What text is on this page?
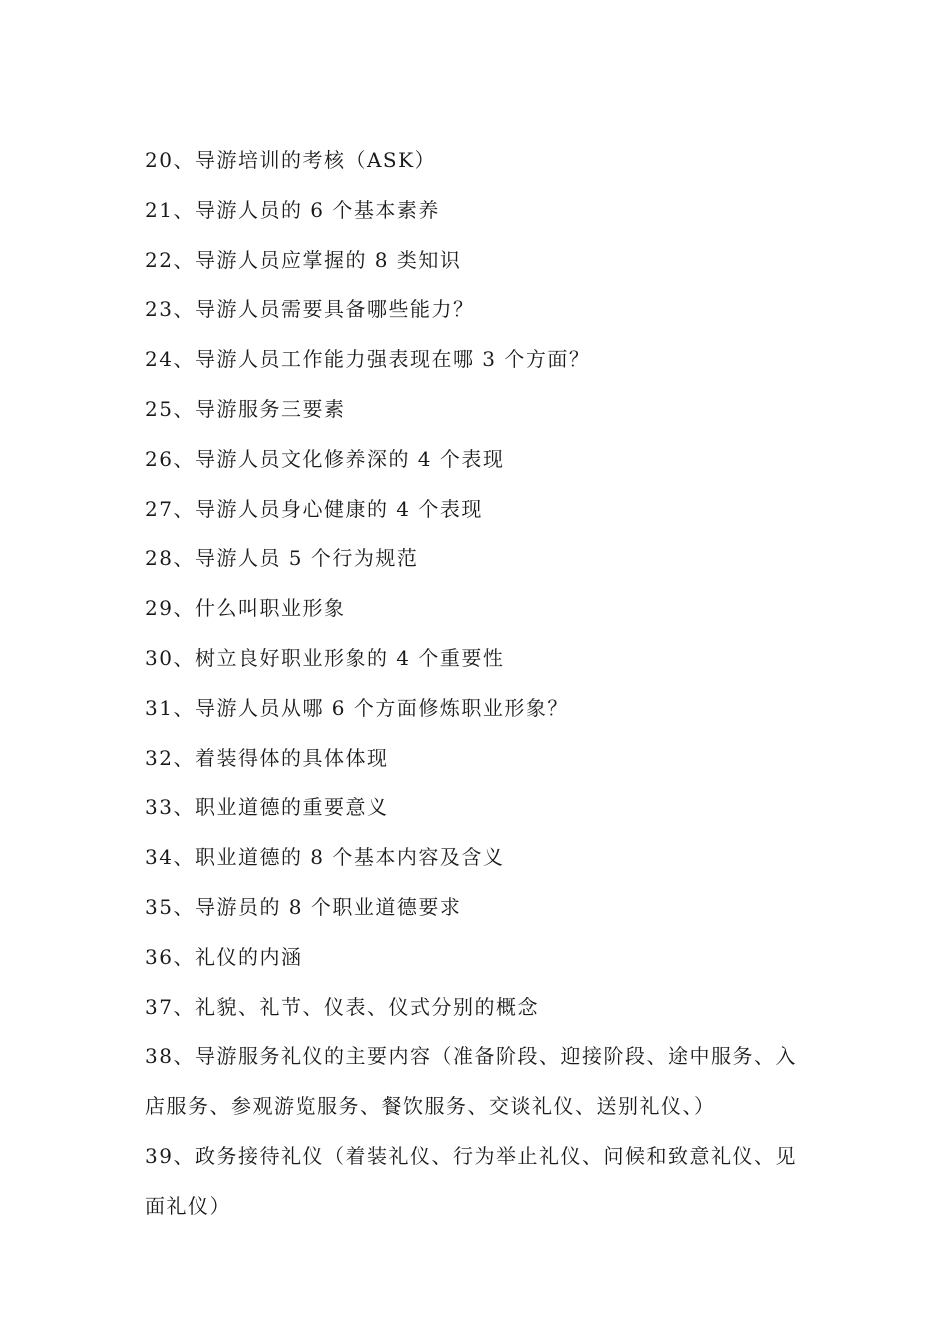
20、导游培训的考核（ASK）
21、导游人员的 6 个基本素养
22、导游人员应掌握的 8 类知识
23、导游人员需要具备哪些能力？
24、导游人员工作能力强表现在哪 3 个方面？
25、导游服务三要素
26、导游人员文化修养深的 4 个表现
27、导游人员身心健康的 4 个表现
28、导游人员 5 个行为规范
29、什么叫职业形象
30、树立良好职业形象的 4 个重要性
31、导游人员从哪 6 个方面修炼职业形象？
32、着装得体的具体体现
33、职业道德的重要意义
34、职业道德的 8 个基本内容及含义
35、导游员的 8 个职业道德要求
36、礼仪的内涵
37、礼貌、礼节、仪表、仪式分别的概念
38、导游服务礼仪的主要内容（准备阶段、迎接阶段、途中服务、入店服务、参观游览服务、餐饮服务、交谈礼仪、送别礼仪、）
39、政务接待礼仪（着装礼仪、行为举止礼仪、问候和致意礼仪、见面礼仪）
